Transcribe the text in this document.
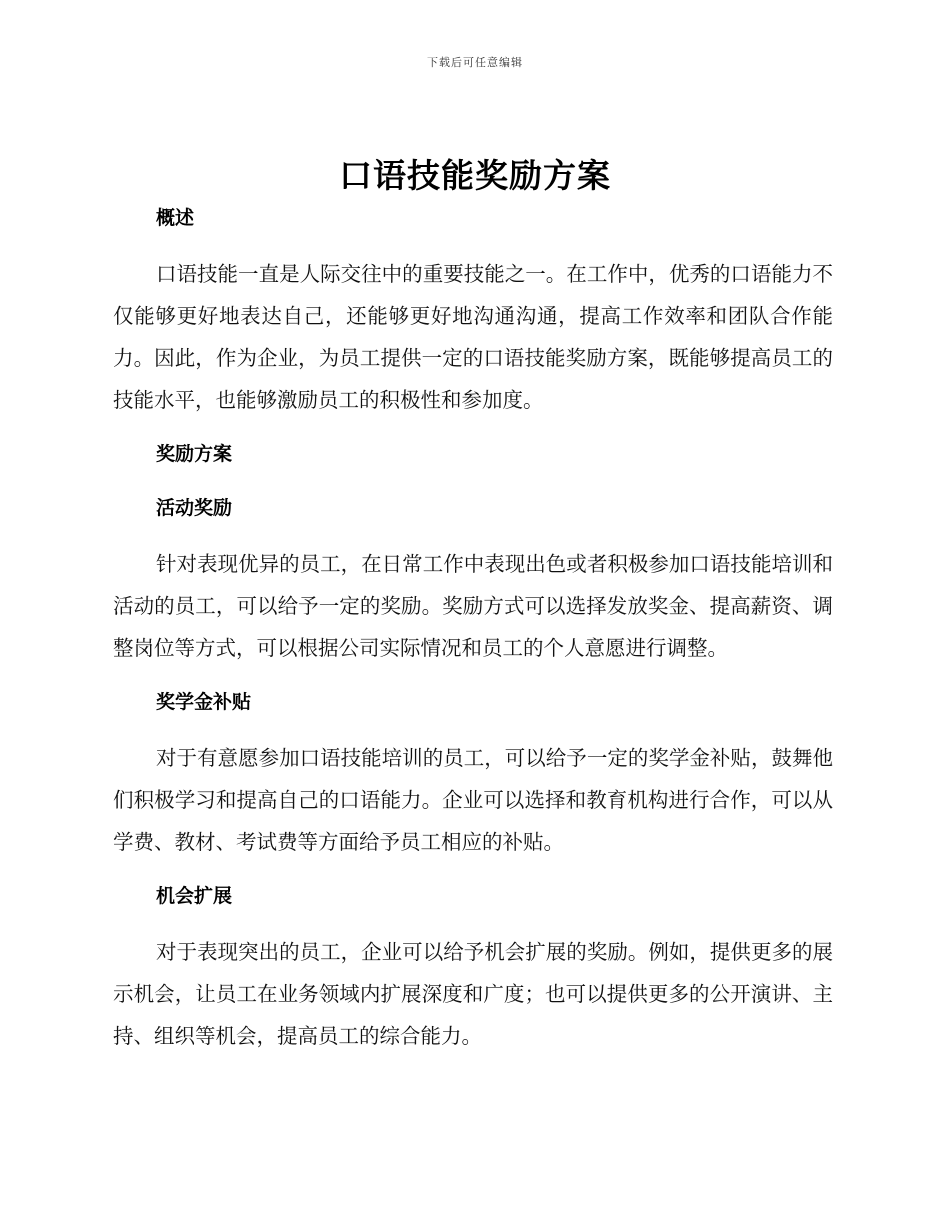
下载后可任意编辑
口语技能奖励方案
概述

口语技能一直是人际交往中的重要技能之一。在工作中，优秀的口语能力不仅能够更好地表达自己，还能够更好地沟通沟通，提高工作效率和团队合作能力。因此，作为企业，为员工提供一定的口语技能奖励方案，既能够提高员工的技能水平，也能够激励员工的积极性和参加度。

奖励方案
活动奖励

针对表现优异的员工，在日常工作中表现出色或者积极参加口语技能培训和活动的员工，可以给予一定的奖励。奖励方式可以选择发放奖金、提高薪资、调整岗位等方式，可以根据公司实际情况和员工的个人意愿进行调整。

奖学金补贴

对于有意愿参加口语技能培训的员工，可以给予一定的奖学金补贴，鼓舞他们积极学习和提高自己的口语能力。企业可以选择和教育机构进行合作，可以从学费、教材、考试费等方面给予员工相应的补贴。

机会扩展

对于表现突出的员工，企业可以给予机会扩展的奖励。例如，提供更多的展示机会，让员工在业务领域内扩展深度和广度；也可以提供更多的公开演讲、主持、组织等机会，提高员工的综合能力。
